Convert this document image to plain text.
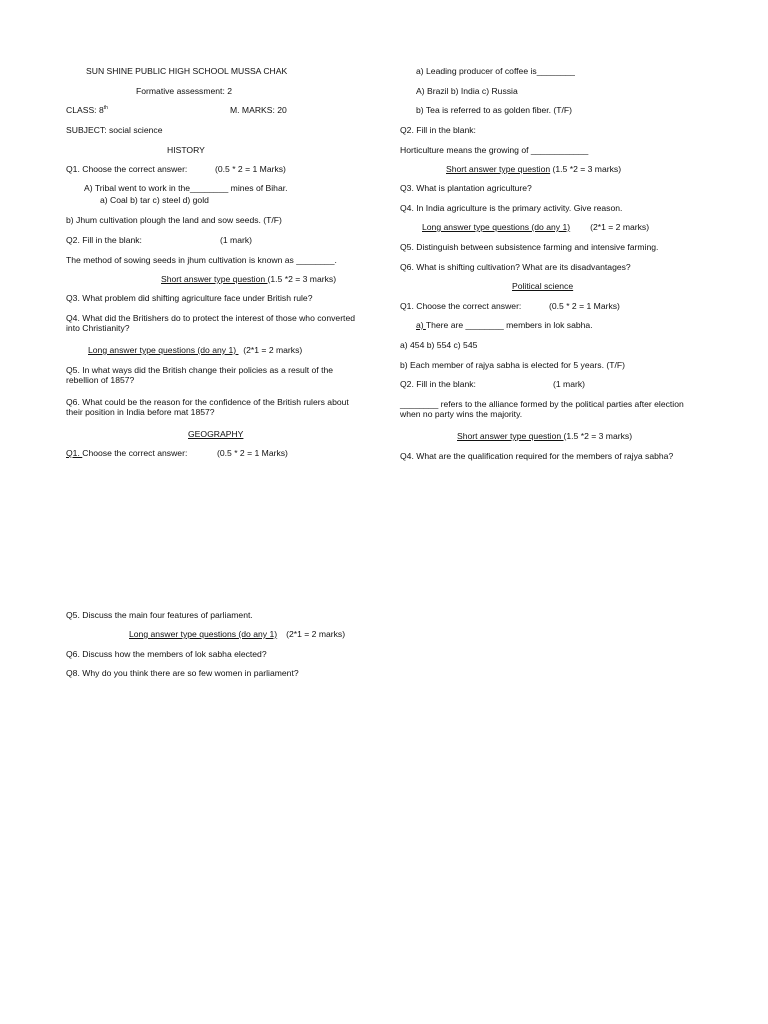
SUN SHINE PUBLIC HIGH SCHOOL MUSSA CHAK
Formative assessment: 2
CLASS: 8th	M. MARKS: 20
SUBJECT: social science
HISTORY
Q1. Choose the correct answer:	(0.5 * 2 = 1 Marks)
A) Tribal went to work in the________ mines of Bihar.
a) Coal b) tar c) steel d) gold
b) Jhum cultivation plough the land and sow seeds. (T/F)
Q2. Fill in the blank:	(1 mark)
The method of sowing seeds in jhum cultivation is known as ________.
Short answer type question (1.5 *2 = 3 marks)
Q3. What problem did shifting agriculture face under British rule?
Q4. What did the Britishers do to protect the interest of those who converted into Christianity?
Long answer type questions (do any 1)   (2*1 = 2 marks)
Q5. In what ways did the British change their policies as a result of the rebellion of 1857?
Q6. What could be the reason for the confidence of the British rulers about their position in India before mat 1857?
GEOGRAPHY
Q1. Choose the correct answer:	(0.5 * 2 = 1 Marks)
a) Leading producer of coffee is________
A) Brazil b) India c) Russia
b) Tea is referred to as golden fiber. (T/F)
Q2. Fill in the blank:
Horticulture means the growing of ____________
Short answer type question (1.5 *2 = 3 marks)
Q3. What is plantation agriculture?
Q4. In India agriculture is the primary activity. Give reason.
Long answer type questions (do any 1) (2*1 = 2 marks)
Q5. Distinguish between subsistence farming and intensive farming.
Q6. What is shifting cultivation? What are its disadvantages?
Political science
Q1. Choose the correct answer:	(0.5 * 2 = 1 Marks)
a) There are ________ members in lok sabha.
a) 454 b) 554 c) 545
b) Each member of rajya sabha is elected for 5 years. (T/F)
Q2. Fill in the blank:	(1 mark)
________ refers to the alliance formed by the political parties after election when no party wins the majority.
Short answer type question (1.5 *2 = 3 marks)
Q4. What are the qualification required for the members of rajya sabha?
Q5. Discuss the main four features of parliament.
Long answer type questions (do any 1) (2*1 = 2 marks)
Q6. Discuss how the members of lok sabha elected?
Q8. Why do you think there are so few women in parliament?
